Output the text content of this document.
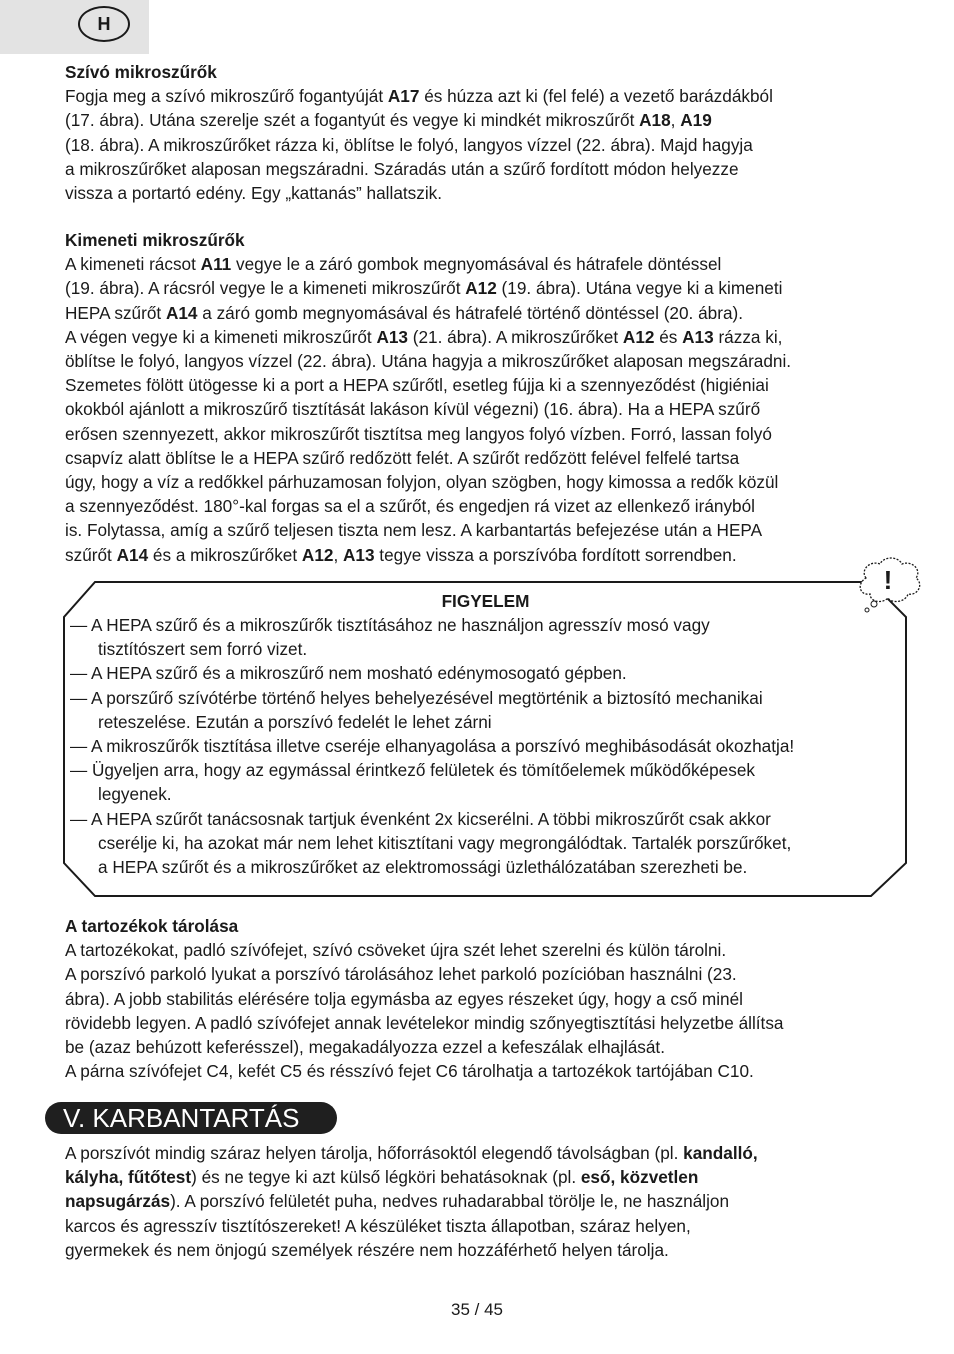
H

Szívó mikroszűrők

Fogja meg a szívó mikroszűrő fogantyúját A17 és húzza azt ki (fel felé) a vezető barázdákból
(17. ábra). Utána szerelje szét a fogantyút és vegye ki mindkét mikroszűrőt A18, A19
(18. ábra). A mikroszűrőket rázza ki, öblítse le folyó, langyos vízzel (22. ábra). Majd hagyja
a mikroszűrőket alaposan megszáradni. Száradás után a szűrő fordított módon helyezze
vissza a portartó edény. Egy „kattanás” hallatszik.

Kimeneti mikroszűrők

A kimeneti rácsot A11 vegye le a záró gombok megnyomásával és hátrafele döntéssel
(19. ábra). A rácsról vegye le a kimeneti mikroszűrőt A12 (19. ábra). Utána vegye ki a kimeneti
HEPA szűrőt A14 a záró gomb megnyomásával és hátrafelé történő döntéssel (20. ábra).
A végen vegye ki a kimeneti mikroszűrőt A13 (21. ábra). A mikroszűrőket A12 és A13 rázza ki,
öblítse le folyó, langyos vízzel (22. ábra). Utána hagyja a mikroszűrőket alaposan megszáradni.
Szemetes fölött ütögesse ki a port a HEPA szűrőtl, esetleg fújja ki a szennyeződést (higiéniai
okokból ajánlott a mikroszűrő tisztítását lakáson kívül végezni) (16. ábra). Ha a HEPA szűrő
erősen szennyezett, akkor mikroszűrőt tisztítsa meg langyos folyó vízben. Forró, lassan folyó
csapvíz alatt öblítse le a HEPA szűrő redőzött felét. A szűrőt redőzött felével felfelé tartsa
úgy, hogy a víz a redőkkel párhuzamosan folyjon, olyan szögben, hogy kimossa a redők közül
a szennyeződést. 180°-kal forgas sa el a szűrőt, és engedjen rá vizet az ellenkező irányból
is. Folytassa, amíg a szűrő teljesen tiszta nem lesz. A karbantartás befejezése után a HEPA
szűrőt A14 és a mikroszűrőket A12, A13 tegye vissza a porszívóba fordított sorrendben.
FIGYELEM
— A HEPA szűrő és a mikroszűrők tisztításához ne használjon agresszív mosó vagy
tisztítószert sem forró vizet.
— A HEPA szűrő és a mikroszűrő nem mosható edénymosogató gépben.
— A porszűrő szívótérbe történő helyes behelyezésével megtörténik a biztosító mechanikai
reteszelése. Ezután a porszívó fedelét le lehet zárni
— A mikroszűrők tisztítása illetve cseréje elhanyagolása a porszívó meghibásodását okozhatja!
— Ügyeljen arra, hogy az egymással érintkező felületek és tömítőelemek működőképesek
legyenek.
— A HEPA szűrőt tanácsosnak tartjuk évenként 2x kicserélni. A többi mikroszűrőt csak akkor
cserélje ki, ha azokat már nem lehet kitisztítani vagy megrongálódtak. Tartalék porszűrőket,
a HEPA szűrőt és a mikroszűrőket az elektromossági üzlethálózatában szerezheti be.
!

A tartozékok tárolása

A tartozékokat, padló szívófejet, szívó csöveket újra szét lehet szerelni és külön tárolni.
A porszívó parkoló lyukat a porszívó tárolásához lehet parkoló pozícióban használni (23.
ábra). A jobb stabilitás elérésére tolja egymásba az egyes részeket úgy, hogy a cső minél
rövidebb legyen. A padló szívófejet annak levételekor mindig szőnyegtisztítási helyzetbe állítsa
be (azaz behúzott keferésszel), megakadályozza ezzel a kefeszálak elhajlását.
A párna szívófejet C4, kefét C5 és résszívó fejet C6 tárolhatja a tartozékok tartójában C10.
V. KARBANTARTÁS
A porszívót mindig száraz helyen tárolja, hőforrásoktól elegendő távolságban (pl. kandalló,
kályha, fűtőtest) és ne tegye ki azt külső légköri behatásoknak (pl. eső, közvetlen
napsugárzás). A porszívó felületét puha, nedves ruhadarabbal törölje le, ne használjon
karcos és agresszív tisztítószereket! A készüléket tiszta állapotban, száraz helyen,
gyermekek és nem önjogú személyek részére nem hozzáférhető helyen tárolja.
35 / 45
